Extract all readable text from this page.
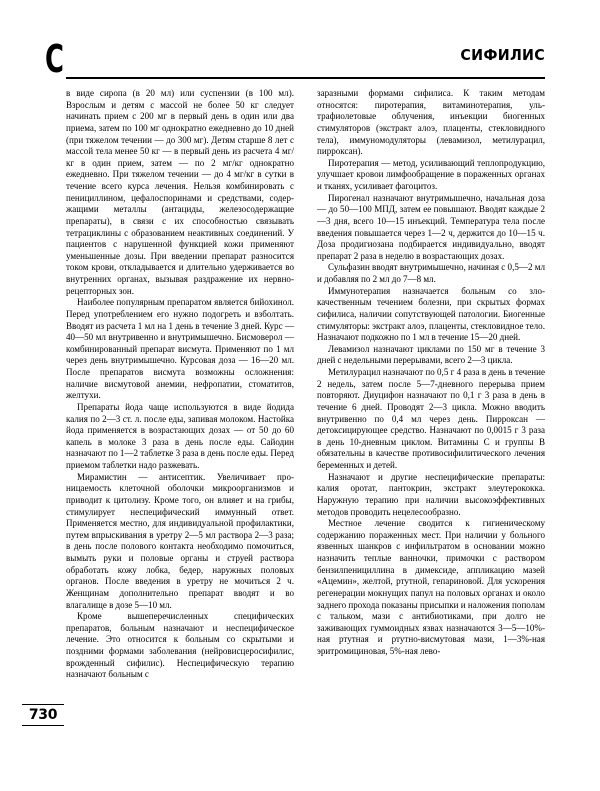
С	СИФИЛИС

в виде сиропа (в 20 мл) или суспензии (в 100 мл). Взрослым и детям с массой не более 50 кг следует начинать прием с 200 мг в первый день в один или два приема, затем по 100 мг однократно ежедневно до 10 дней (при тяжелом течении — до 300 мг). Детям старше 8 лет с массой тела менее 50 кг — в первый день из расчета 4 мг/кг в один прием, затем — по 2 мг/кг однократно ежедневно. При тяжелом течении — до 4 мг/кг в сутки в течение всего курса лечения. Нельзя комбинировать с пенициллином, цефалоспоринами и средствами, содержащими металлы (антациды, железосодержащие препараты), в связи с их способностью связывать тетрациклины с образованием неактивных соединений. У пациентов с нарушенной функцией кожи применяют уменьшенные дозы. При введении препарат разносится током крови, откладывается и длительно удерживается во внутренних органах, вызывая раздражение их нервно-рецепторных зон.

Наиболее популярным препаратом является бийохинол. Перед употреблением его нужно подогреть и взболтать. Вводят из расчета 1 мл на 1 день в течение 3 дней. Курс — 40—50 мл внутривенно и внутримышечно. Бисмоверол — комбинированный препарат висмута. Применяют по 1 мл через день внутримышечно. Курсовая доза — 16—20 мл. После препаратов висмута возможны осложнения: наличие висмутовой анемии, нефропатии, стоматитов, желтухи.

Препараты йода чаще используются в виде йодида калия по 2—3 ст. л. после еды, запивая молоком. Настойка йода применяется в возрастающих дозах — от 50 до 60 капель в молоке 3 раза в день после еды. Сайодин назначают по 1—2 таблетке 3 раза в день после еды. Перед приемом таблетки надо разжевать.

Мирамистин — антисептик. Увеличивает проницаемость клеточной оболочки микроорганизмов и приводит к цитолизу. Кроме того, он влияет и на грибы, стимулирует неспецифический иммунный ответ. Применяется местно, для индивидуальной профилактики, путем впрыскивания в уретру 2—5 мл раствора 2—3 раза; в день после полового контакта необходимо помочиться, вымыть руки и половые органы и струей раствора обработать кожу лобка, бедер, наружных половых органов. После введения в уретру не мочиться 2 ч. Женщинам дополнительно препарат вводят и во влагалище в дозе 5—10 мл.

Кроме вышеперечисленных специфических препаратов, больным назначают и неспецифическое лечение. Это относится к больным со скрытыми и поздними формами заболевания (нейровисцеросифилис, врожденный сифилис). Неспецифическую терапию назначают больным с

заразными формами сифилиса. К таким методам относятся: пиротерапия, витаминотерапия, ультрафиолетовые облучения, инъекции биогенных стимуляторов (экстракт алоэ, плаценты, стекловидного тела), иммуномодуляторы (левамизол, метилурацил, пирроксан).

Пиротерапия — метод, усиливающий теплопродукцию, улучшает кровои лимфообращение в пораженных органах и тканях, усиливает фагоцитоз.

Пирогенал назначают внутримышечно, начальная доза — до 50—100 МПД, затем ее повышают. Вводят каждые 2—3 дня, всего 10—15 инъекций. Температура тела после введения повышается через 1—2 ч, держится до 10—15 ч. Доза продигиозана подбирается индивидуально, вводят препарат 2 раза в неделю в возрастающих дозах.

Сульфазин вводят внутримышечно, начиная с 0,5—2 мл и добавляя по 2 мл до 7—8 мл.

Иммунотерапия назначается больным со злокачественным течением болезни, при скрытых формах сифилиса, наличии сопутствующей патологии. Биогенные стимуляторы: экстракт алоэ, плаценты, стекловидное тело. Назначают подкожно по 1 мл в течение 15—20 дней.

Левамизол назначают циклами по 150 мг в течение 3 дней с недельными перерывами, всего 2—3 цикла.

Метилурацил назначают по 0,5 г 4 раза в день в течение 2 недель, затем после 5—7-дневного перерыва прием повторяют. Диуцифон назначают по 0,1 г 3 раза в день в течение 6 дней. Проводят 2—3 цикла. Можно вводить внутривенно по 0,4 мл через день. Пирроксан — детоксицирующее средство. Назначают по 0,0015 г 3 раза в день 10-дневным циклом. Витамины С и группы В обязательны в качестве противосифилитического лечения беременных и детей.

Назначают и другие неспецифические препараты: калия оротат, пантокрин, экстракт элеутерококка. Наружную терапию при наличии высокоэффективных методов проводить нецелесообразно.

Местное лечение сводится к гигиеническому содержанию пораженных мест. При наличии у больного язвенных шанкров с инфильтратом в основании можно назначить теплые ванночки, примочки с раствором бензилпенициллина в димексиде, аппликацию мазей «Ацемин», желтой, ртутной, гепариновой. Для ускорения регенерации мокнущих папул на половых органах и около заднего прохода показаны присыпки и наложения пополам с тальком, мази с антибиотиками, при долго не заживающих гуммоидных язвах назначаются 3—5—10%-ная ртутная и ртутно-висмутовая мази, 1—3%-ная эритромициновая, 5%-ная лево-

730
